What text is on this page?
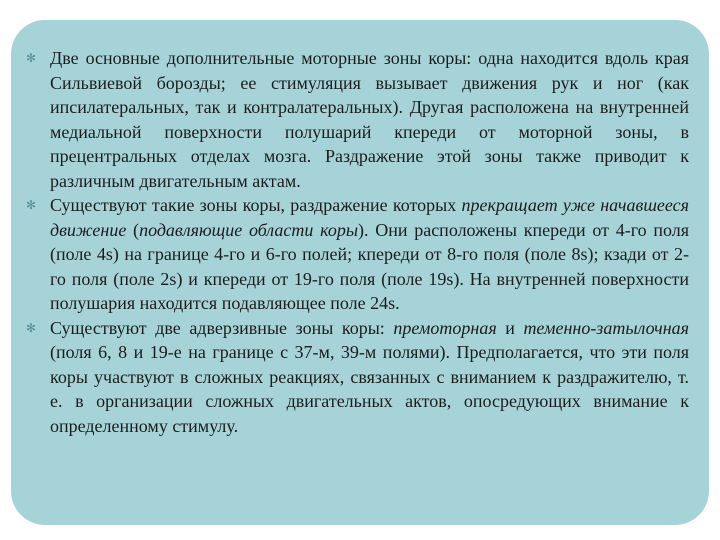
✻ Две основные дополнительные моторные зоны коры: одна находится вдоль края Сильвиевой борозды; ее стимуляция вызывает движения рук и ног (как ипсилатеральных, так и контралатеральных). Другая расположена на внутренней медиальной поверхности полушарий кпереди от моторной зоны, в прецентральных отделах мозга. Раздражение этой зоны также приводит к различным двигательным актам.
✻ Существуют такие зоны коры, раздражение которых прекращает уже начавшееся движение (подавляющие области коры). Они расположены кпереди от 4-го поля (поле 4s) на границе 4-го и 6-го полей; кпереди от 8-го поля (поле 8s); кзади от 2-го поля (поле 2s) и кпереди от 19-го поля (поле 19s). На внутренней поверхности полушария находится подавляющее поле 24s.
✻ Существуют две адверзивные зоны коры: премоторная и теменно-затылочная (поля 6, 8 и 19-е на границе с 37-м, 39-м полями). Предполагается, что эти поля коры участвуют в сложных реакциях, связанных с вниманием к раздражителю, т. е. в организации сложных двигательных актов, опосредующих внимание к определенному стимулу.
